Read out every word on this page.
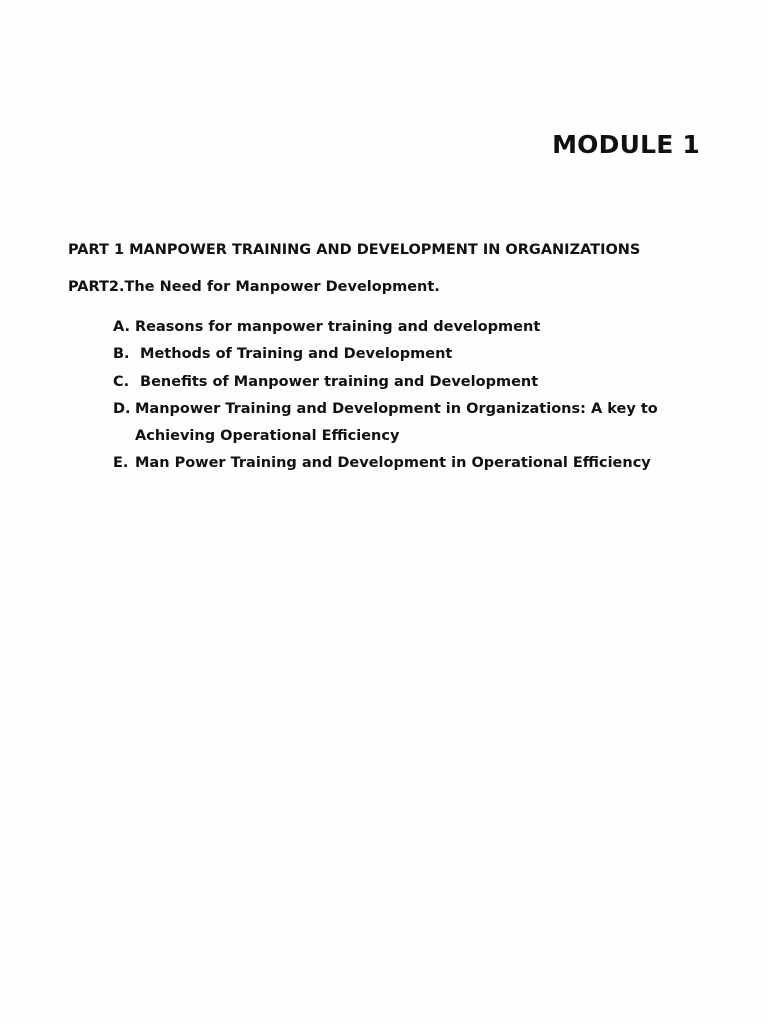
MODULE 1

PART 1 MANPOWER TRAINING AND DEVELOPMENT IN ORGANIZATIONS

PART2.The Need for Manpower Development.

A. Reasons for manpower training and development
B. Methods of Training and Development
C. Benefits of Manpower training and Development
D. Manpower Training and Development in Organizations: A key to Achieving Operational Efficiency
E. Man Power Training and Development in Operational Efficiency
